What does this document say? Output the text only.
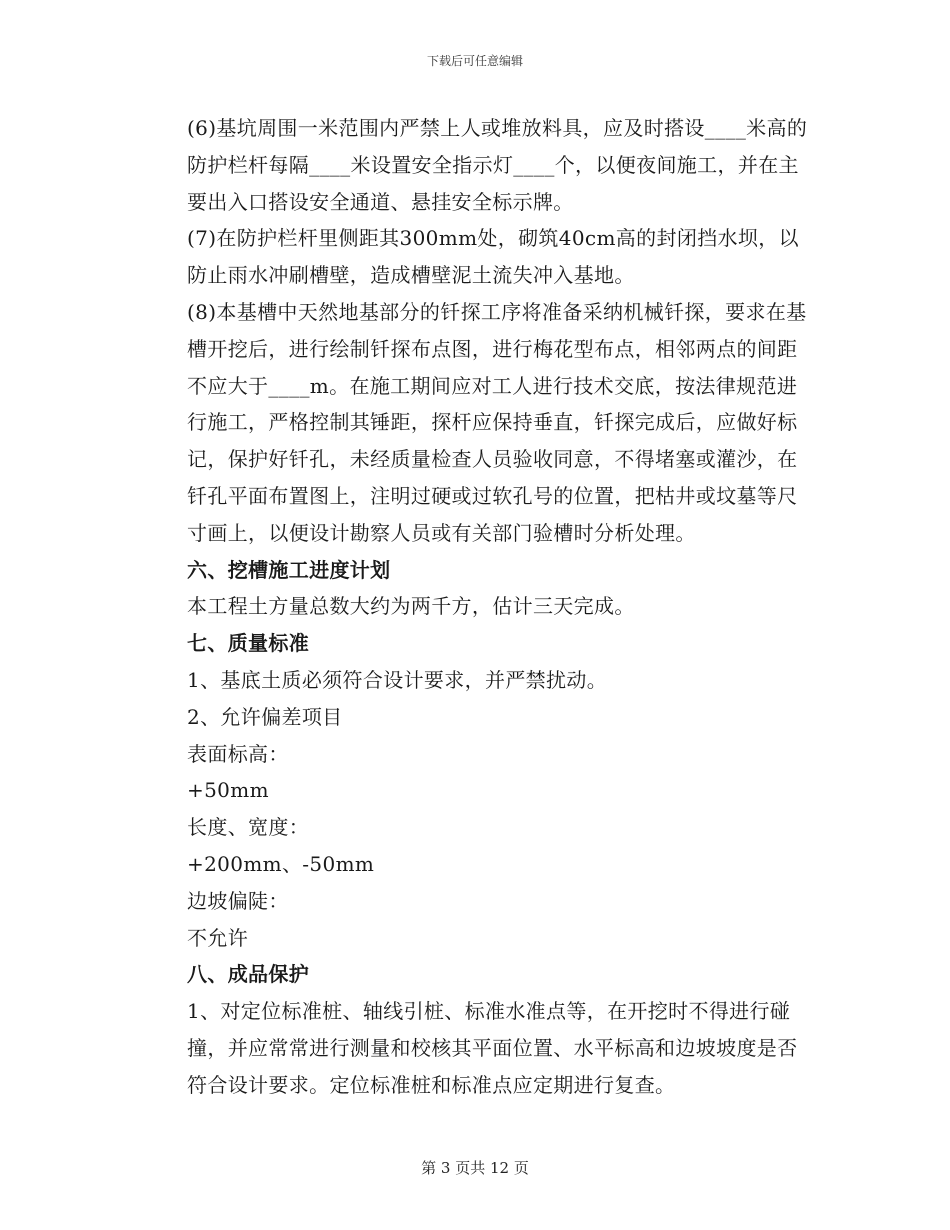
下载后可任意编辑

(6)基坑周围一米范围内严禁上人或堆放料具，应及时搭设____米高的防护栏杆每隔____米设置安全指示灯____个，以便夜间施工，并在主要出入口搭设安全通道、悬挂安全标示牌。

(7)在防护栏杆里侧距其300mm处，砌筑40cm高的封闭挡水坝，以防止雨水冲刷槽壁，造成槽壁泥土流失冲入基地。

(8)本基槽中天然地基部分的钎探工序将准备采纳机械钎探，要求在基槽开挖后，进行绘制钎探布点图，进行梅花型布点，相邻两点的间距不应大于____m。在施工期间应对工人进行技术交底，按法律规范进行施工，严格控制其锤距，探杆应保持垂直，钎探完成后，应做好标记，保护好钎孔，未经质量检查人员验收同意，不得堵塞或灌沙，在钎孔平面布置图上，注明过硬或过软孔号的位置，把枯井或坟墓等尺寸画上，以便设计勘察人员或有关部门验槽时分析处理。

六、挖槽施工进度计划

本工程土方量总数大约为两千方，估计三天完成。

七、质量标准

1、基底土质必须符合设计要求，并严禁扰动。

2、允许偏差项目

表面标高：

+50mm

长度、宽度：

+200mm、-50mm

边坡偏陡：

不允许

八、成品保护

1、对定位标准桩、轴线引桩、标准水准点等，在开挖时不得进行碰撞，并应常常进行测量和校核其平面位置、水平标高和边坡坡度是否符合设计要求。定位标准桩和标准点应定期进行复查。

第 3 页共 12 页
